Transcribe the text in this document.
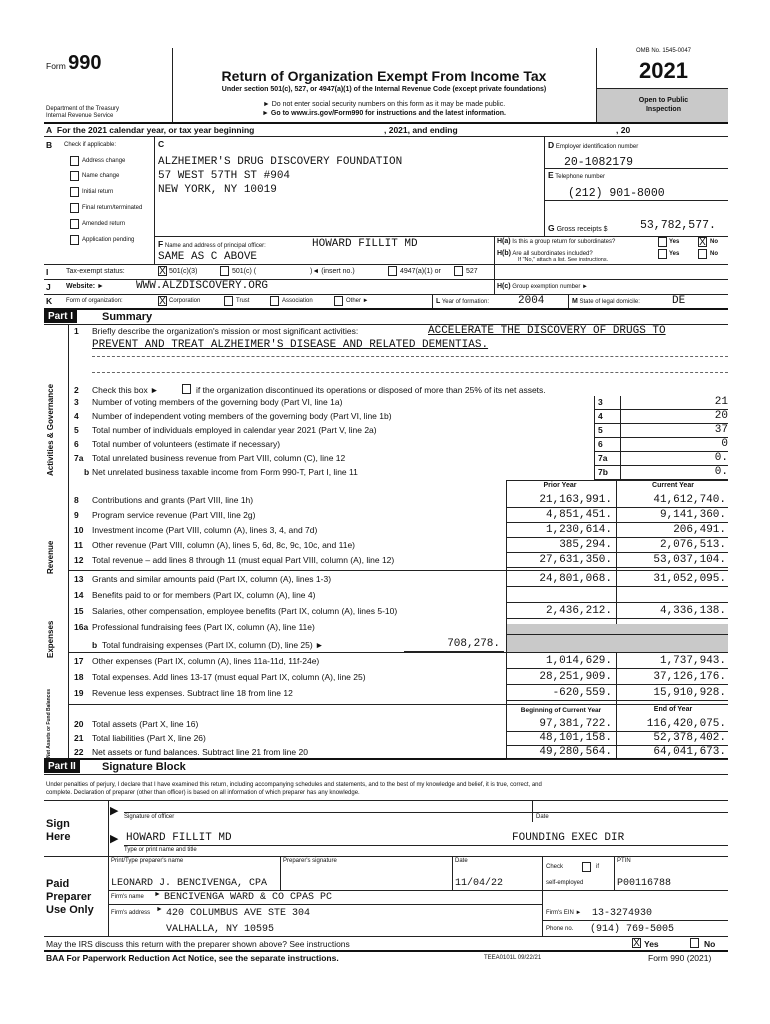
Form 990
Return of Organization Exempt From Income Tax
Under section 501(c), 527, or 4947(a)(1) of the Internal Revenue Code (except private foundations)
► Do not enter social security numbers on this form as it may be made public.
► Go to www.irs.gov/Form990 for instructions and the latest information.
Department of the Treasury
Internal Revenue Service
OMB No. 1545-0047
2021
Open to Public
Inspection
A For the 2021 calendar year, or tax year beginning	, 2021, and ending	, 20
B Check if applicable:
Address change
Name change
Initial return
Final return/terminated
Amended return
Application pending
C
ALZHEIMER'S DRUG DISCOVERY FOUNDATION
57 WEST 57TH ST #904
NEW YORK, NY 10019
D Employer identification number
20-1082179
E Telephone number
(212) 901-8000
G Gross receipts $	53,782,577.
F Name and address of principal officer:	HOWARD FILLIT MD
SAME AS C ABOVE
H(a) Is this a group return for subordinates?	Yes X No
H(b) Are all subordinates included?
If "No," attach a list. See instructions.
Yes	No
I	Tax-exempt status:	X 501(c)(3)	501(c) (	)◄ (insert no.)	4947(a)(1) or	527
J Website: ►	WWW.ALZDISCOVERY.ORG	H(c) Group exemption number ►
K Form of organization:	X Corporation	Trust	Association	Other ►	L Year of formation:	2004	M State of legal domicile:	DE
Part I	Summary
Activities & Governance
Revenue
Expenses
Net Assets or Fund Balances
1 Briefly describe the organization's mission or most significant activities:	ACCELERATE THE DISCOVERY OF DRUGS TO
PREVENT AND TREAT ALZHEIMER'S DISEASE AND RELATED DEMENTIAS.
2 Check this box ►	if the organization discontinued its operations or disposed of more than 25% of its net assets.
Prior Year	Current Year
b Total fundraising expenses (Part IX, column (D), line 25) ►	708,278.
Beginning of Current Year	End of Year
Part II	Signature Block
Under penalties of perjury, I declare that I have examined this return, including accompanying schedules and statements, and to the best of my knowledge and belief, it is true, correct, and
complete. Declaration of preparer (other than officer) is based on all information of which preparer has any knowledge.
Sign
Here
▶ Signature of officer	Date
▶ HOWARD FILLIT MD	FOUNDING EXEC DIR
Type or print name and title
Paid
Preparer
Use Only
Print/Type preparer's name	Preparer's signature	Date
Check	if
PTIN
LEONARD J. BENCIVENGA, CPA	11/04/22	self-employed	P00116788
Firm's name ► BENCIVENGA WARD & CO CPAS PC
Firm's address ► 420 COLUMBUS AVE STE 304
VALHALLA, NY 10595
Firm's EIN ► 13-3274930
Phone no. (914) 769-5005
May the IRS discuss this return with the preparer shown above? See instructions	X Yes	No
BAA For Paperwork Reduction Act Notice, see the separate instructions.	TEEA0101L 09/22/21	Form 990 (2021)
3 Number of voting members of the governing body (Part VI, line 1a)	3	21
4 Number of independent voting members of the governing body (Part VI, line 1b)	4	20
5 Total number of individuals employed in calendar year 2021 (Part V, line 2a)	5	37
6 Total number of volunteers (estimate if necessary)	6	0
7a Total unrelated business revenue from Part VIII, column (C), line 12	7a	0.
b Net unrelated business taxable income from Form 990-T, Part I, line 11	7b	0.
8 Contributions and grants (Part VIII, line 1h)	21,163,991.	41,612,740.
9 Program service revenue (Part VIII, line 2g)	4,851,451.	9,141,360.
10 Investment income (Part VIII, column (A), lines 3, 4, and 7d)	1,230,614.	206,491.
11 Other revenue (Part VIII, column (A), lines 5, 6d, 8c, 9c, 10c, and 11e)	385,294.	2,076,513.
12 Total revenue – add lines 8 through 11 (must equal Part VIII, column (A), line 12)	27,631,350.	53,037,104.
13 Grants and similar amounts paid (Part IX, column (A), lines 1-3)	24,801,068.	31,052,095.
14 Benefits paid to or for members (Part IX, column (A), line 4)
15 Salaries, other compensation, employee benefits (Part IX, column (A), lines 5-10)	2,436,212.	4,336,138.
16a Professional fundraising fees (Part IX, column (A), line 11e)
17 Other expenses (Part IX, column (A), lines 11a-11d, 11f-24e)	1,014,629.	1,737,943.
18 Total expenses. Add lines 13-17 (must equal Part IX, column (A), line 25)	28,251,909.	37,126,176.
19 Revenue less expenses. Subtract line 18 from line 12	-620,559.	15,910,928.
20 Total assets (Part X, line 16)	97,381,722.	116,420,075.
21 Total liabilities (Part X, line 26)	48,101,158.	52,378,402.
22 Net assets or fund balances. Subtract line 21 from line 20	49,280,564.	64,041,673.
